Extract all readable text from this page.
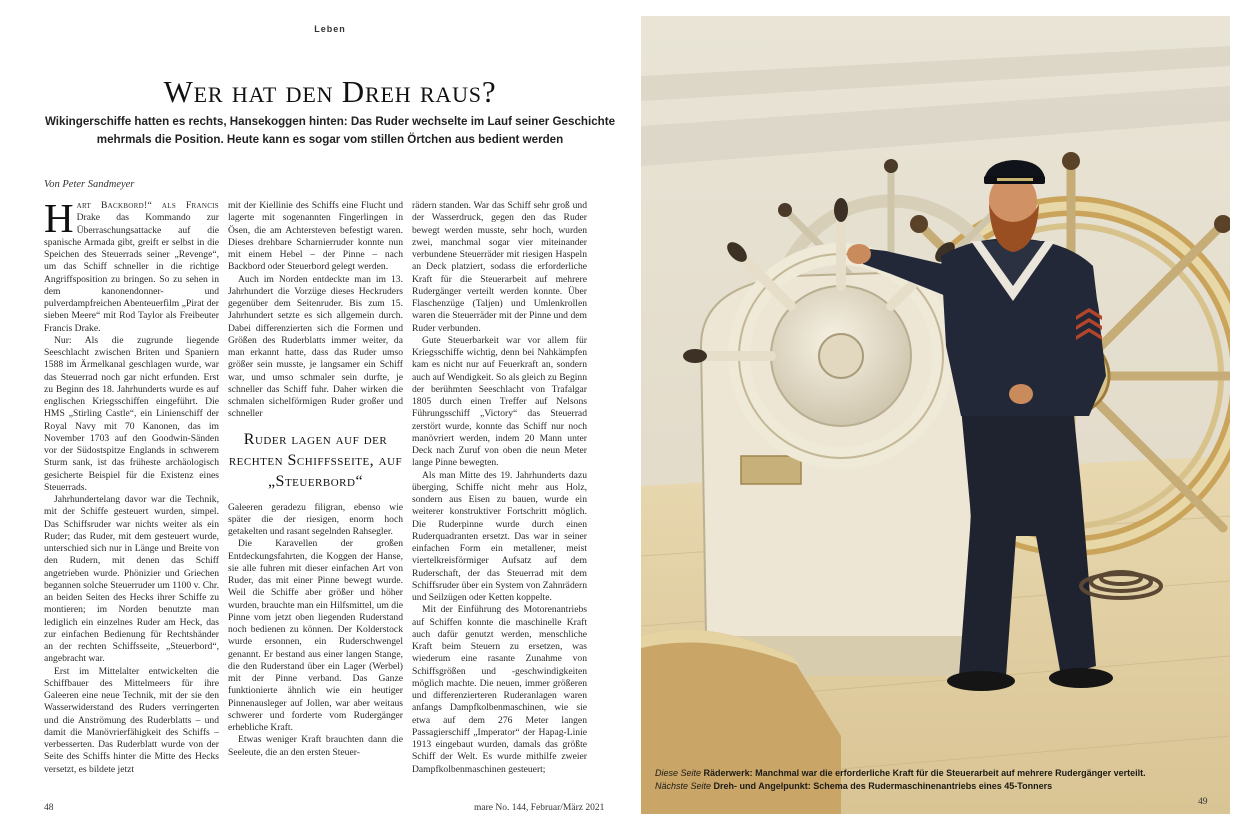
Leben
Wer hat den Dreh raus?
Wikingerschiffe hatten es rechts, Hansekoggen hinten: Das Ruder wechselte im Lauf seiner Geschichte mehrmals die Position. Heute kann es sogar vom stillen Örtchen aus bedient werden
Von Peter Sandmeyer

Hart Backbord!“ als Francis Drake das Kommando zur Überraschungsattacke auf die spanische Armada gibt, greift er selbst in die Speichen des Steuerrads seiner „Revenge“, um das Schiff schneller in die richtige Angriffsposition zu bringen. So zu sehen in dem kanonendonner- und pulverdampfreichen Abenteuerfilm „Pirat der sieben Meere“ mit Rod Taylor als Freibeuter Francis Drake.

Nur: Als die zugrunde liegende Seeschlacht zwischen Briten und Spaniern 1588 im Ärmelkanal geschlagen wurde, war das Steuerrad noch gar nicht erfunden. Erst zu Beginn des 18. Jahrhunderts wurde es auf englischen Kriegsschiffen eingeführt. Die HMS „Stirling Castle“, ein Linienschiff der Royal Navy mit 70 Kanonen, das im November 1703 auf den Goodwin-Sänden vor der Südostspitze Englands in schwerem Sturm sank, ist das früheste archäologisch gesicherte Beispiel für die Existenz eines Steuerrads.

Jahrhundertelang davor war die Technik, mit der Schiffe gesteuert wurden, simpel. Das Schiffsruder war nichts weiter als ein Ruder; das Ruder, mit dem gesteuert wurde, unterschied sich nur in Länge und Breite von den Rudern, mit denen das Schiff angetrieben wurde. Phönizier und Griechen begannen solche Steuerruder um 1100 v. Chr. an beiden Seiten des Hecks ihrer Schiffe zu montieren; im Norden benutzte man lediglich ein einzelnes Ruder am Heck, das zur einfachen Bedienung für Rechtshänder an der rechten Schiffsseite, „Steuerbord“, angebracht war.

Erst im Mittelalter entwickelten die Schiffbauer des Mittelmeers für ihre Galeeren eine neue Technik, mit der sie den Wasserwiderstand des Ruders verringerten und die Anströmung des Ruderblatts – und damit die Manövrierfähigkeit des Schiffs – verbesserten. Das Ruderblatt wurde von der Seite des Schiffs hinter die Mitte des Hecks versetzt, es bildete jetzt

mit der Kiellinie des Schiffs eine Flucht und lagerte mit sogenannten Fingerlingen in Ösen, die am Achtersteven befestigt waren. Dieses drehbare Scharnierruder konnte nun mit einem Hebel – der Pinne – nach Backbord oder Steuerbord gelegt werden.

Auch im Norden entdeckte man im 13. Jahrhundert die Vorzüge dieses Heckruders gegenüber dem Seitenruder. Bis zum 15. Jahrhundert setzte es sich allgemein durch. Dabei differenzierten sich die Formen und Größen des Ruderblatts immer weiter, da man erkannt hatte, dass das Ruder umso größer sein musste, je langsamer ein Schiff war, und umso schmaler sein durfte, je schneller das Schiff fuhr. Daher wirken die schmalen sichelförmigen Ruder großer und schneller

Ruder lagen auf der rechten Schiffsseite, auf „Steuerbord“

Galeeren geradezu filigran, ebenso wie später die der riesigen, enorm hoch getakelten und rasant segelnden Rahsegler.

Die Karavellen der großen Entdeckungsfahrten, die Koggen der Hanse, sie alle fuhren mit dieser einfachen Art von Ruder, das mit einer Pinne bewegt wurde. Weil die Schiffe aber größer und höher wurden, brauchte man ein Hilfsmittel, um die Pinne vom jetzt oben liegenden Ruderstand noch bedienen zu können. Der Kolderstock wurde ersonnen, ein Ruderschwengel genannt. Er bestand aus einer langen Stange, die den Ruderstand über ein Lager (Werbel) mit der Pinne verband. Das Ganze funktionierte ähnlich wie ein heutiger Pinnenausleger auf Jollen, war aber weitaus schwerer und forderte vom Rudergänger erhebliche Kraft.

Etwas weniger Kraft brauchten dann die Seeleute, die an den ersten Steuer-

rädern standen. War das Schiff sehr groß und der Wasserdruck, gegen den das Ruder bewegt werden musste, sehr hoch, wurden zwei, manchmal sogar vier miteinander verbundene Steuerräder mit riesigen Haspeln an Deck platziert, sodass die erforderliche Kraft für die Steuerarbeit auf mehrere Rudergänger verteilt werden konnte. Über Flaschenzüge (Taljen) und Umlenkrollen waren die Steuerräder mit der Pinne und dem Ruder verbunden.

Gute Steuerbarkeit war vor allem für Kriegsschiffe wichtig, denn bei Nahkämpfen kam es nicht nur auf Feuerkraft an, sondern auch auf Wendigkeit. So als gleich zu Beginn der berühmten Seeschlacht von Trafalgar 1805 durch einen Treffer auf Nelsons Führungsschiff „Victory“ das Steuerrad zerstört wurde, konnte das Schiff nur noch manövriert werden, indem 20 Mann unter Deck nach Zuruf von oben die neun Meter lange Pinne bewegten.

Als man Mitte des 19. Jahrhunderts dazu überging, Schiffe nicht mehr aus Holz, sondern aus Eisen zu bauen, wurde ein weiterer konstruktiver Fortschritt möglich. Die Ruderpinne wurde durch einen Ruderquadranten ersetzt. Das war in seiner einfachen Form ein metallener, meist viertelkreisförmiger Aufsatz auf dem Ruderschaft, der das Steuerrad mit dem Schiffsruder über ein System von Zahnrädern und Seilzügen oder Ketten koppelte.

Mit der Einführung des Motorenantriebs auf Schiffen konnte die maschinelle Kraft auch dafür genutzt werden, menschliche Kraft beim Steuern zu ersetzen, was wiederum eine rasante Zunahme von Schiffsgrößen und -geschwindigkeiten möglich machte. Die neuen, immer größeren und differenzierteren Ruderanlagen waren anfangs Dampfkolbenmaschinen, wie sie etwa auf dem 276 Meter langen Passagierschiff „Imperator“ der Hapag-Linie 1913 eingebaut wurden, damals das größte Schiff der Welt. Es wurde mithilfe zweier Dampfkolbenmaschinen gesteuert;

48	mare No. 144, Februar/März 2021
Diese Seite Räderwerk: Manchmal war die erforderliche Kraft für die Steuerarbeit auf mehrere Rudergänger verteilt.
Nächste Seite Dreh- und Angelpunkt: Schema des Rudermaschinenantriebs eines 45-Tonners
49
